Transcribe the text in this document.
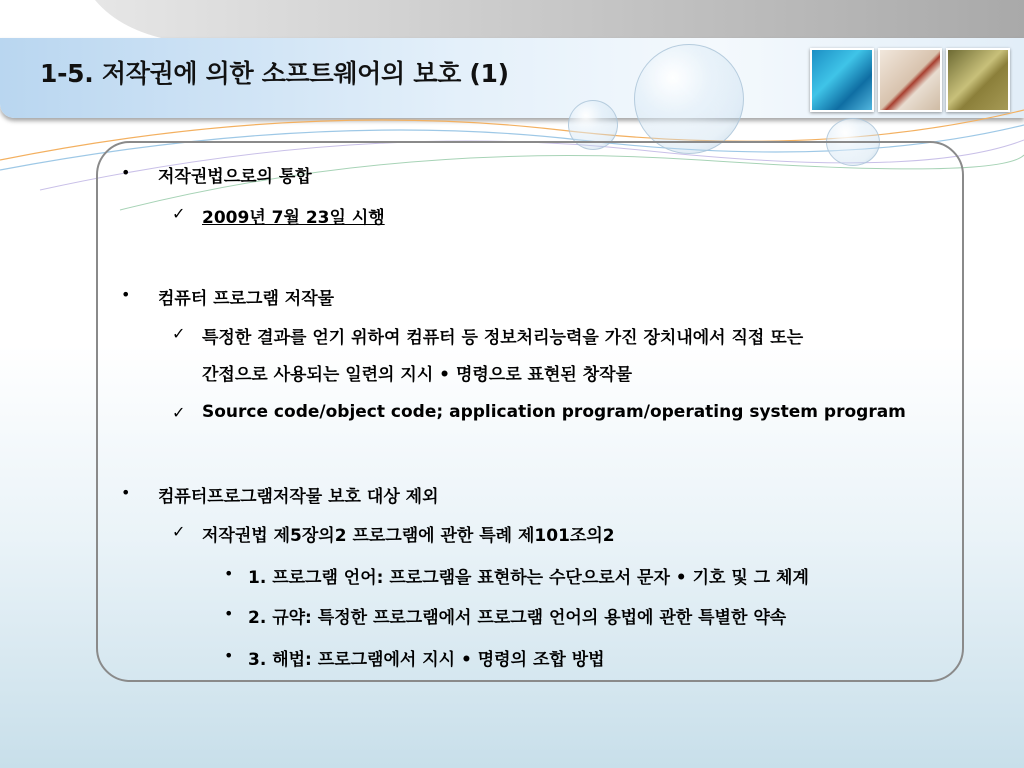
1-5. 저작권에 의한 소프트웨어의 보호 (1)
• 저작권법으로의 통합
✓ 2009년 7월 23일 시행
• 컴퓨터 프로그램 저작물
✓ 특정한 결과를 얻기 위하여 컴퓨터 등 정보처리능력을 가진 장치내에서 직접 또는
간접으로 사용되는 일련의 지시 • 명령으로 표현된 창작물
✓ Source code/object code; application program/operating system program
• 컴퓨터프로그램저작물 보호 대상 제외
✓ 저작권법 제5장의2 프로그램에 관한 특례 제101조의2
• 1. 프로그램 언어: 프로그램을 표현하는 수단으로서 문자 • 기호 및 그 체계
• 2. 규약: 특정한 프로그램에서 프로그램 언어의 용법에 관한 특별한 약속
• 3. 해법: 프로그램에서 지시 • 명령의 조합 방법
